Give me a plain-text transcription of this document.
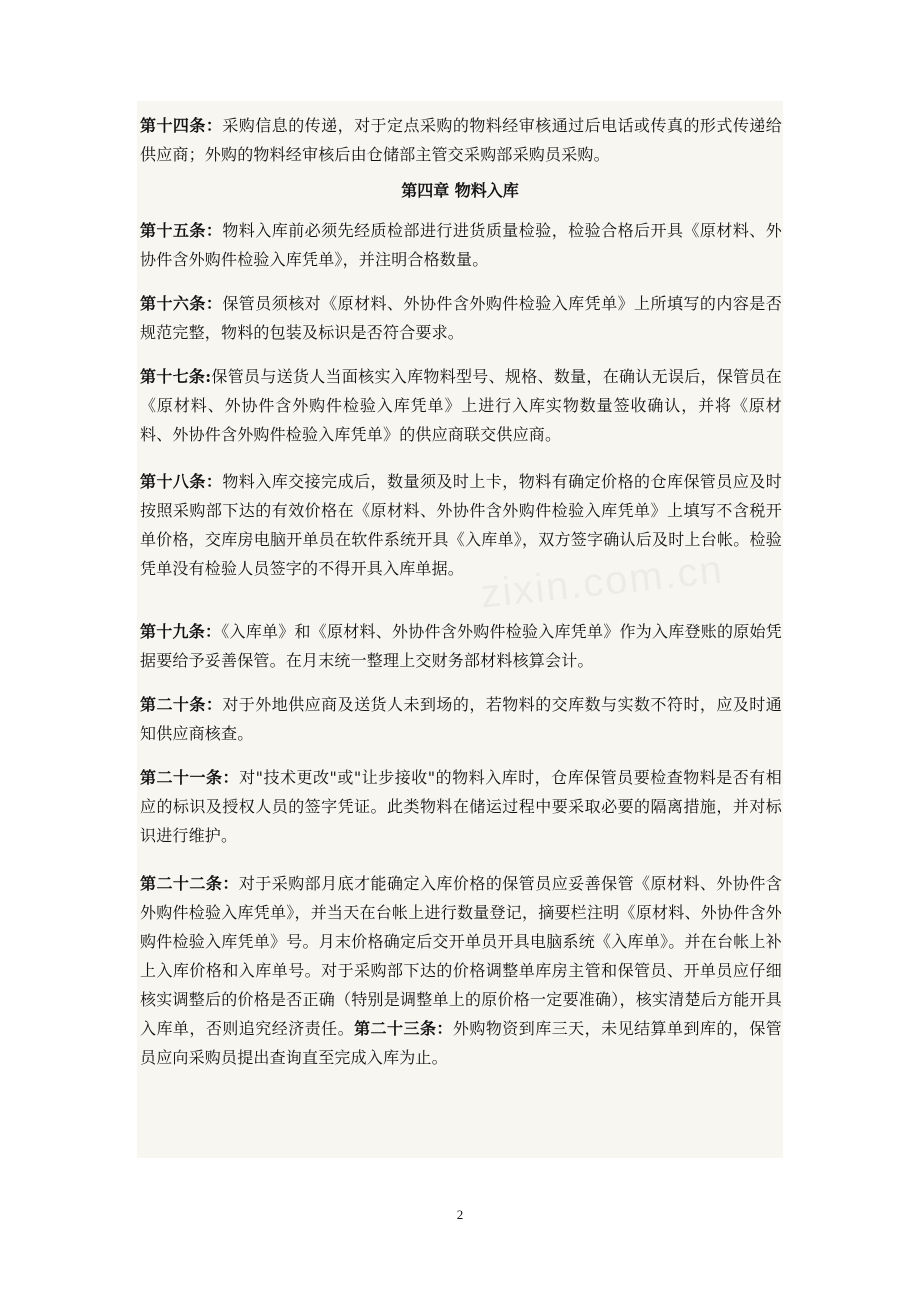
第十四条：采购信息的传递，对于定点采购的物料经审核通过后电话或传真的形式传递给供应商；外购的物料经审核后由仓储部主管交采购部采购员采购。

第四章 物料入库

第十五条：物料入库前必须先经质检部进行进货质量检验，检验合格后开具《原材料、外协件含外购件检验入库凭单》，并注明合格数量。

第十六条：保管员须核对《原材料、外协件含外购件检验入库凭单》上所填写的内容是否规范完整，物料的包装及标识是否符合要求。

第十七条:保管员与送货人当面核实入库物料型号、规格、数量，在确认无误后，保管员在《原材料、外协件含外购件检验入库凭单》上进行入库实物数量签收确认，并将《原材料、外协件含外购件检验入库凭单》的供应商联交供应商。

第十八条：物料入库交接完成后，数量须及时上卡，物料有确定价格的仓库保管员应及时按照采购部下达的有效价格在《原材料、外协件含外购件检验入库凭单》上填写不含税开单价格，交库房电脑开单员在软件系统开具《入库单》，双方签字确认后及时上台帐。检验凭单没有检验人员签字的不得开具入库单据。

第十九条：《入库单》和《原材料、外协件含外购件检验入库凭单》作为入库登账的原始凭据要给予妥善保管。在月末统一整理上交财务部材料核算会计。

第二十条：对于外地供应商及送货人未到场的，若物料的交库数与实数不符时，应及时通知供应商核查。

第二十一条：对"技术更改"或"让步接收"的物料入库时，仓库保管员要检查物料是否有相应的标识及授权人员的签字凭证。此类物料在储运过程中要采取必要的隔离措施，并对标识进行维护。

第二十二条：对于采购部月底才能确定入库价格的保管员应妥善保管《原材料、外协件含外购件检验入库凭单》，并当天在台帐上进行数量登记，摘要栏注明《原材料、外协件含外购件检验入库凭单》号。月末价格确定后交开单员开具电脑系统《入库单》。并在台帐上补上入库价格和入库单号。对于采购部下达的价格调整单库房主管和保管员、开单员应仔细核实调整后的价格是否正确（特别是调整单上的原价格一定要准确），核实清楚后方能开具入库单，否则追究经济责任。第二十三条：外购物资到库三天，未见结算单到库的，保管员应向采购员提出查询直至完成入库为止。

2
